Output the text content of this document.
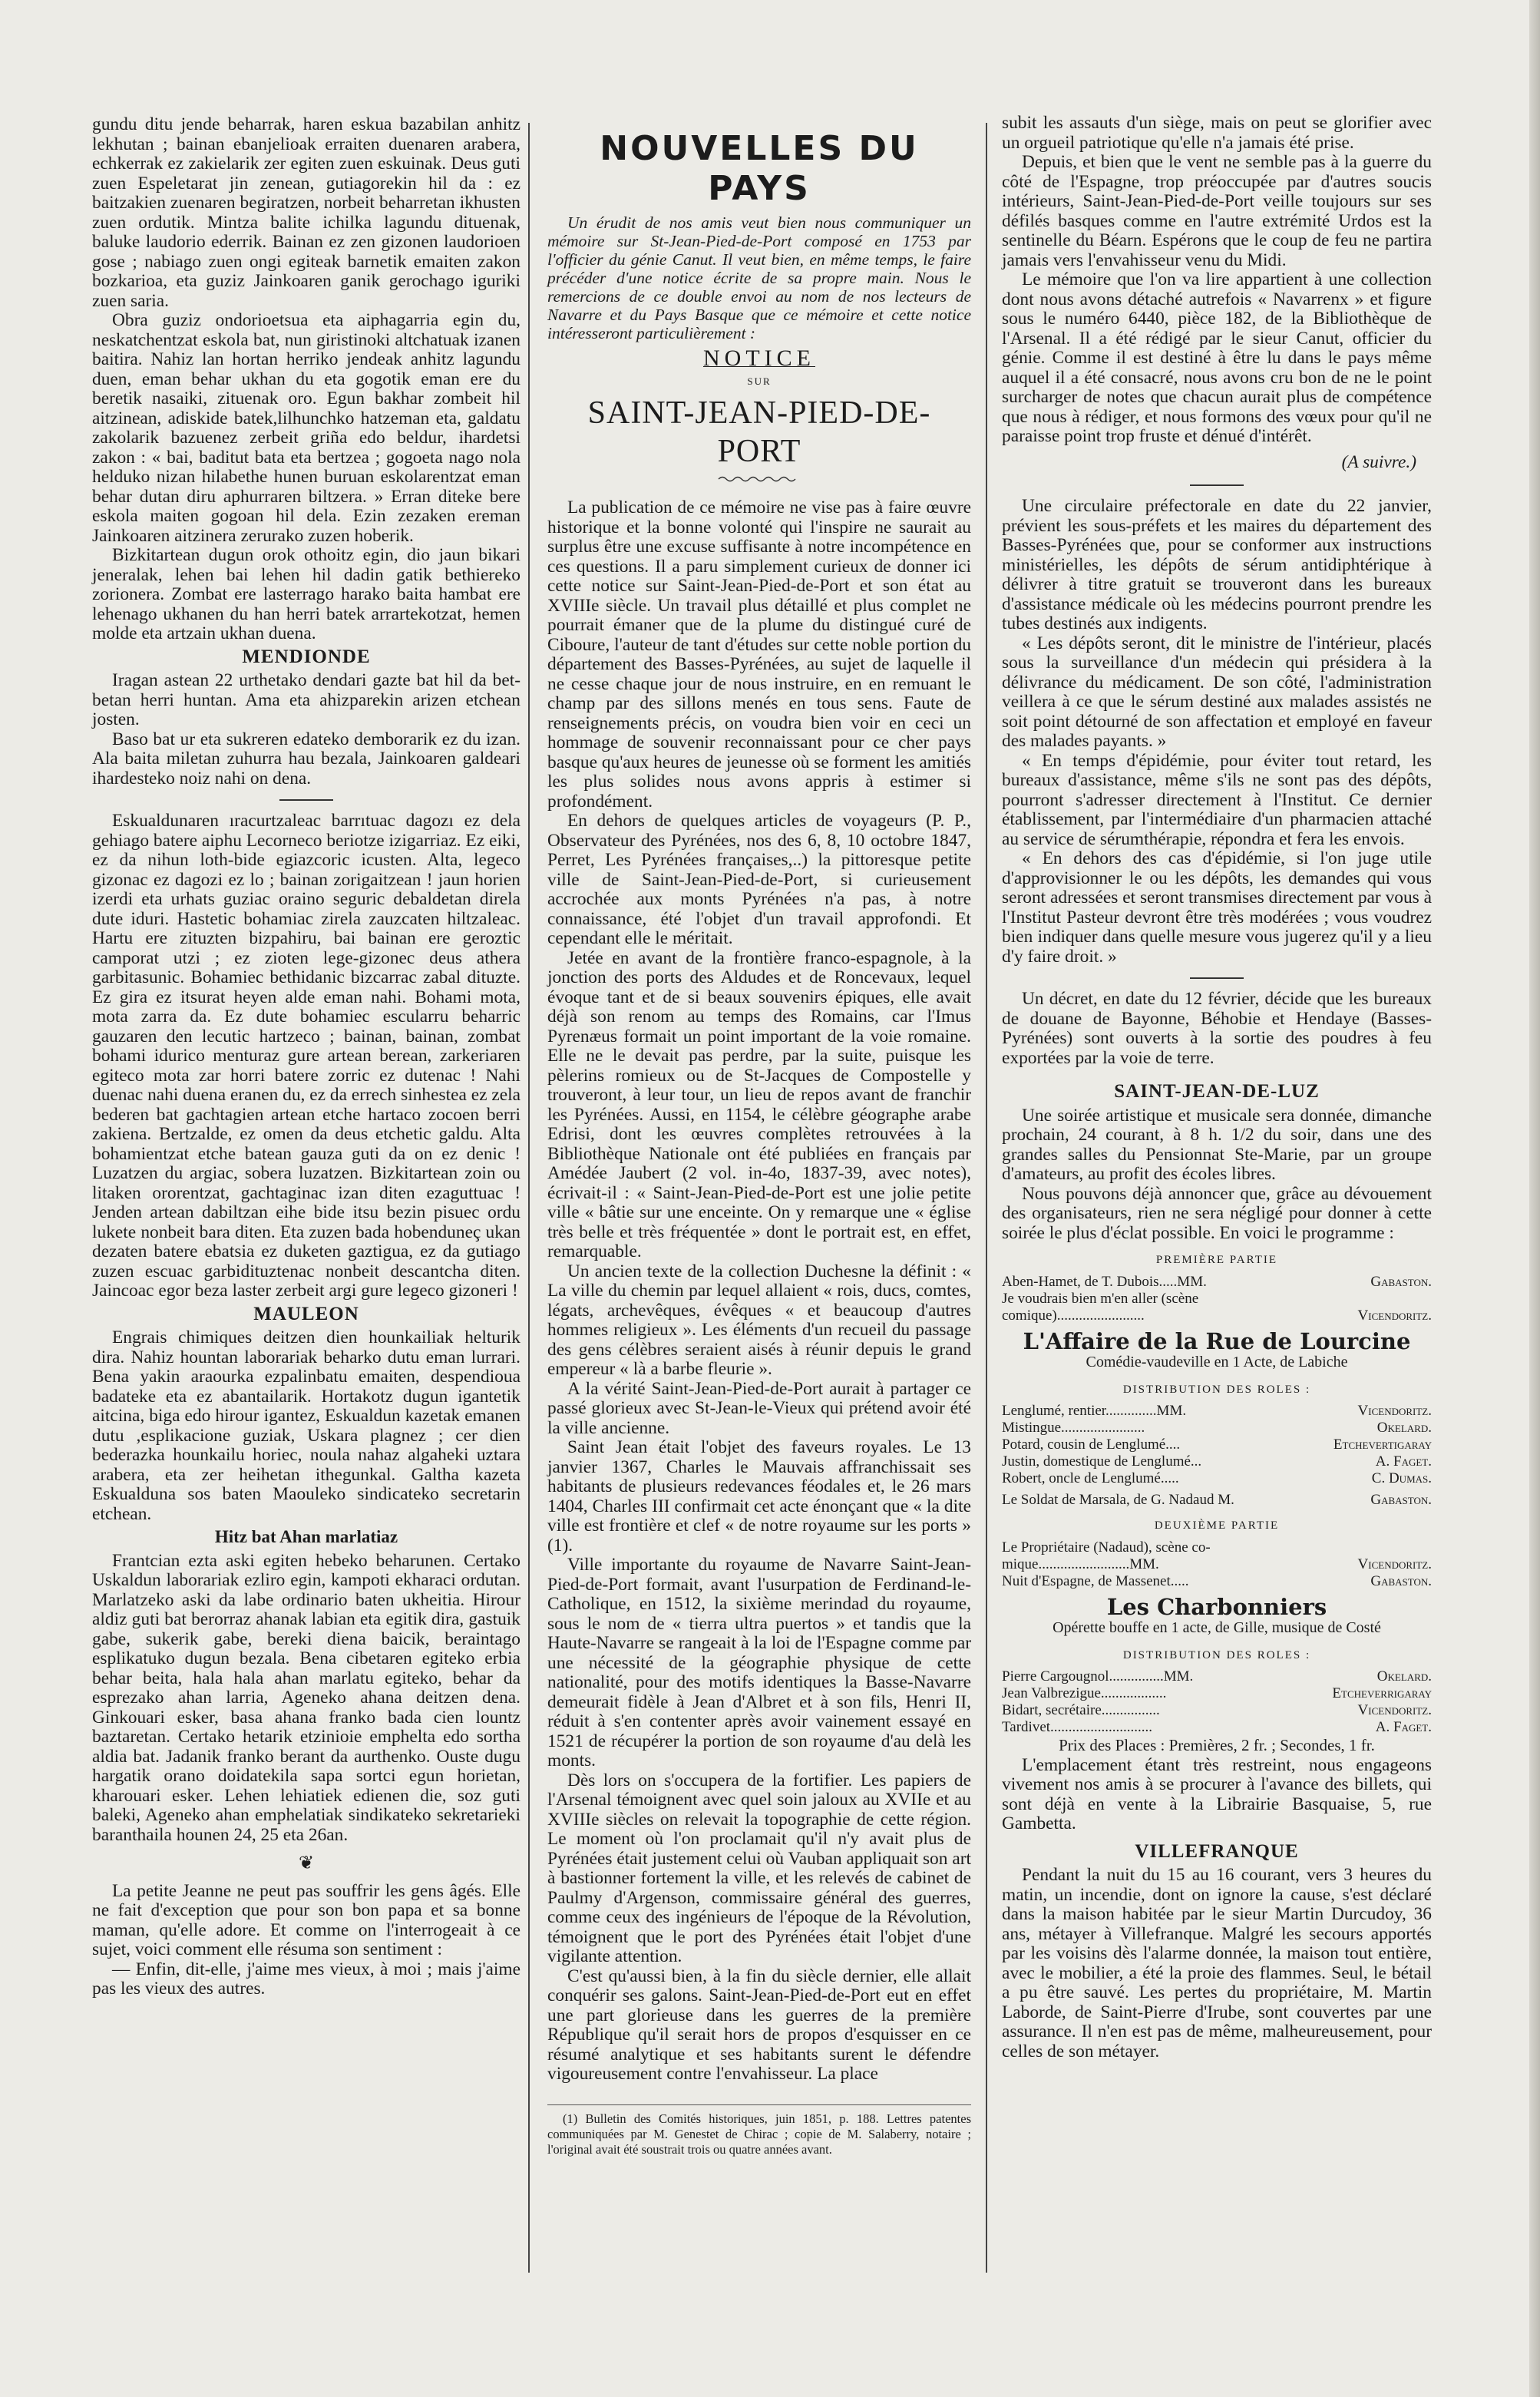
gundu ditu jende beharrak, haren eskua bazabilan anhitz lekhutan ; bainan ebanjelioak erraiten duenaren arabera, echkerrak ez zakielarik zer egiten zuen eskuinak. Deus guti zuen Espeletarat jin zenean, gutiagorekin hil da : ez baitzakien zuenaren begiratzen, norbeit beharretan ikhusten zuen ordutik. Mintza balite ichilka lagundu dituenak, baluke laudorio ederrik. Bainan ez zen gizonen laudorioen gose ; nabiago zuen ongi egiteak barnetik emaiten zakon bozkarioa, eta guziz Jainkoaren ganik gerochago iguriki zuen saria.

Obra guziz ondorioetsua eta aiphagarria egin du, neskatchentzat eskola bat, nun giristinoki altchatuak izanen baitira. Nahiz lan hortan herriko jendeak anhitz lagundu duen, eman behar ukhan du eta gogotik eman ere du beretik nasaiki, zituenak oro. Egun bakhar zombeit hil aitzinean, adiskide batek,lilhunchko hatzeman eta, galdatu zakolarik bazuenez zerbeit griña edo beldur, ihardetsi zakon : « bai, baditut bata eta bertzea ; gogoeta nago nola helduko nizan hilabethe hunen buruan eskolarentzat eman behar dutan diru aphurraren biltzera. » Erran diteke bere eskola maiten gogoan hil dela. Ezin zezaken ereman Jainkoaren aitzinera zerurako zuzen hoberik.

Bizkitartean dugun orok othoitz egin, dio jaun bikari jeneralak, lehen bai lehen hil dadin gatik bethiereko zorionera. Zombat ere lasterrago harako baita hambat ere lehenago ukhanen du han herri batek arrartekotzat, hemen molde eta artzain ukhan duena.

MENDIONDE

Iragan astean 22 urthetako dendari gazte bat hil da bet-betan herri huntan. Ama eta ahizparekin arizen etchean josten.

Baso bat ur eta sukreren edateko demborarik ez du izan. Ala baita miletan zuhurra hau bezala, Jainkoaren galdeari ihardesteko noiz nahi on dena.

Eskualdunaren ıracurtzaleac barrıtuac dagozı ez dela gehiago batere aiphu Lecorneco beriotze izigarriaz. Ez eiki, ez da nihun loth-bide egiazcoric icusten. Alta, legeco gizonac ez dagozi ez lo ; bainan zorigaitzean ! jaun horien izerdi eta urhats guziac oraino seguric debaldetan direla dute iduri. Hastetic bohamiac zirela zauzcaten hiltzaleac. Hartu ere zituzten bizpahiru, bai bainan ere geroztic camporat utzi ; ez zioten lege-gizonec deus athera garbitasunic. Bohamiec bethidanic bizcarrac zabal dituzte. Ez gira ez itsurat heyen alde eman nahi. Bohami mota, mota zarra da. Ez dute bohamiec escularru beharric gauzaren den lecutic hartzeco ; bainan, bainan, zombat bohami idurico menturaz gure artean berean, zarkeriaren egiteco mota zar horri batere zorric ez dutenac ! Nahi duenac nahi duena eranen du, ez da errech sinhestea ez zela bederen bat gachtagien artean etche hartaco zocoen berri zakiena. Bertzalde, ez omen da deus etchetic galdu. Alta bohamientzat etche batean gauza guti da on ez denic ! Luzatzen du argiac, sobera luzatzen. Bizkitartean zoin ou litaken ororentzat, gachtaginac izan diten ezaguttuac ! Jenden artean dabiltzan eihe bide itsu bezin pisuec ordu lukete nonbeit bara diten. Eta zuzen bada hobenduneç ukan dezaten batere ebatsia ez duketen gaztigua, ez da gutiago zuzen escuac garbidituztenac nonbeit descantcha diten. Jaincoac egor beza laster zerbeit argi gure legeco gizoneri !

MAULEON

Engrais chimiques deitzen dien hounkailiak helturik dira. Nahiz hountan laborariak beharko dutu eman lurrari. Bena yakin araourka ezpalinbatu emaiten, despendioua badateke eta ez abantailarik. Hortakotz dugun igantetik aitcina, biga edo hirour igantez, Eskualdun kazetak emanen dutu ,esplikacione guziak, Uskara plagnez ; cer dien bederazka hounkailu horiec, noula nahaz algaheki uztara arabera, eta zer heihetan ithegunkal. Galtha kazeta Eskualduna sos baten Maouleko sindicateko secretarin etchean.

Hitz bat Ahan marlatiaz

Frantcian ezta aski egiten hebeko beharunen. Certako Uskaldun laborariak ezliro egin, kampoti ekharaci ordutan. Marlatzeko aski da labe ordinario baten ukheitia. Hirour aldiz guti bat berorraz ahanak labian eta egitik dira, gastuik gabe, sukerik gabe, bereki diena baicik, beraintago esplikatuko dugun bezala. Bena cibetaren egiteko erbia behar beita, hala hala ahan marlatu egiteko, behar da esprezako ahan larria, Ageneko ahana deitzen dena. Ginkouari esker, basa ahana franko bada cien lountz baztaretan. Certako hetarik etzinioie emphelta edo sortha aldia bat. Jadanik franko berant da aurthenko. Ouste dugu hargatik orano doidatekila sapa sortci egun horietan, kharouari esker. Lehen lehiatiek edienen die, soz guti baleki, Ageneko ahan emphelatiak sindikateko sekretarieki baranthaila hounen 24, 25 eta 26an.

❦

La petite Jeanne ne peut pas souffrir les gens âgés. Elle ne fait d'exception que pour son bon papa et sa bonne maman, qu'elle adore. Et comme on l'interrogeait à ce sujet, voici comment elle résuma son sentiment :

— Enfin, dit-elle, j'aime mes vieux, à moi ; mais j'aime pas les vieux des autres.

NOUVELLES DU PAYS

Un érudit de nos amis veut bien nous communiquer un mémoire sur St-Jean-Pied-de-Port composé en 1753 par l'officier du génie Canut. Il veut bien, en même temps, le faire précéder d'une notice écrite de sa propre main. Nous le remercions de ce double envoi au nom de nos lecteurs de Navarre et du Pays Basque que ce mémoire et cette notice intéresseront particulièrement :

NOTICE
SUR
SAINT-JEAN-PIED-DE-PORT

La publication de ce mémoire ne vise pas à faire œuvre historique et la bonne volonté qui l'inspire ne saurait au surplus être une excuse suffisante à notre incompétence en ces questions. Il a paru simplement curieux de donner ici cette notice sur Saint-Jean-Pied-de-Port et son état au XVIIIe siècle. Un travail plus détaillé et plus complet ne pourrait émaner que de la plume du distingué curé de Ciboure, l'auteur de tant d'études sur cette noble portion du département des Basses-Pyrénées, au sujet de laquelle il ne cesse chaque jour de nous instruire, en en remuant le champ par des sillons menés en tous sens. Faute de renseignements précis, on voudra bien voir en ceci un hommage de souvenir reconnaissant pour ce cher pays basque qu'aux heures de jeunesse où se forment les amitiés les plus solides nous avons appris à estimer si profondément.

En dehors de quelques articles de voyageurs (P. P., Observateur des Pyrénées, nos des 6, 8, 10 octobre 1847, Perret, Les Pyrénées françaises,..) la pittoresque petite ville de Saint-Jean-Pied-de-Port, si curieusement accrochée aux monts Pyrénées n'a pas, à notre connaissance, été l'objet d'un travail approfondi. Et cependant elle le méritait.

Jetée en avant de la frontière franco-espagnole, à la jonction des ports des Aldudes et de Roncevaux, lequel évoque tant et de si beaux souvenirs épiques, elle avait déjà son renom au temps des Romains, car l'Imus Pyrenæus formait un point important de la voie romaine. Elle ne le devait pas perdre, par la suite, puisque les pèlerins romieux ou de St-Jacques de Compostelle y trouveront, à leur tour, un lieu de repos avant de franchir les Pyrénées. Aussi, en 1154, le célèbre géographe arabe Edrisi, dont les œuvres complètes retrouvées à la Bibliothèque Nationale ont été publiées en français par Amédée Jaubert (2 vol. in-4o, 1837-39, avec notes), écrivait-il : « Saint-Jean-Pied-de-Port est une jolie petite ville « bâtie sur une enceinte. On y remarque une « église très belle et très fréquentée » dont le portrait est, en effet, remarquable.

Un ancien texte de la collection Duchesne la définit : « La ville du chemin par lequel allaient « rois, ducs, comtes, légats, archevêques, évêques « et beaucoup d'autres hommes religieux ». Les éléments d'un recueil du passage des gens célèbres seraient aisés à réunir depuis le grand empereur « là a barbe fleurie ».

A la vérité Saint-Jean-Pied-de-Port aurait à partager ce passé glorieux avec St-Jean-le-Vieux qui prétend avoir été la ville ancienne.

Saint Jean était l'objet des faveurs royales. Le 13 janvier 1367, Charles le Mauvais affranchissait ses habitants de plusieurs redevances féodales et, le 26 mars 1404, Charles III confirmait cet acte énonçant que « la dite ville est frontière et clef « de notre royaume sur les ports » (1).

Ville importante du royaume de Navarre Saint-Jean-Pied-de-Port formait, avant l'usurpation de Ferdinand-le-Catholique, en 1512, la sixième merindad du royaume, sous le nom de « tierra ultra puertos » et tandis que la Haute-Navarre se rangeait à la loi de l'Espagne comme par une nécessité de la géographie physique de cette nationalité, pour des motifs identiques la Basse-Navarre demeurait fidèle à Jean d'Albret et à son fils, Henri II, réduit à s'en contenter après avoir vainement essayé en 1521 de récupérer la portion de son royaume d'au delà les monts.

Dès lors on s'occupera de la fortifier. Les papiers de l'Arsenal témoignent avec quel soin jaloux au XVIIe et au XVIIIe siècles on relevait la topographie de cette région. Le moment où l'on proclamait qu'il n'y avait plus de Pyrénées était justement celui où Vauban appliquait son art à bastionner fortement la ville, et les relevés de cabinet de Paulmy d'Argenson, commissaire général des guerres, comme ceux des ingénieurs de l'époque de la Révolution, témoignent que le port des Pyrénées était l'objet d'une vigilante attention.

C'est qu'aussi bien, à la fin du siècle dernier, elle allait conquérir ses galons. Saint-Jean-Pied-de-Port eut en effet une part glorieuse dans les guerres de la première République qu'il serait hors de propos d'esquisser en ce résumé analytique et ses habitants surent le défendre vigoureusement contre l'envahisseur. La place

(1) Bulletin des Comités historiques, juin 1851, p. 188. Lettres patentes communiquées par M. Genestet de Chirac ; copie de M. Salaberry, notaire ; l'original avait été soustrait trois ou quatre années avant.

subit les assauts d'un siège, mais on peut se glorifier avec un orgueil patriotique qu'elle n'a jamais été prise.

Depuis, et bien que le vent ne semble pas à la guerre du côté de l'Espagne, trop préoccupée par d'autres soucis intérieurs, Saint-Jean-Pied-de-Port veille toujours sur ses défilés basques comme en l'autre extrémité Urdos est la sentinelle du Béarn. Espérons que le coup de feu ne partira jamais vers l'envahisseur venu du Midi.

Le mémoire que l'on va lire appartient à une collection dont nous avons détaché autrefois « Navarrenx » et figure sous le numéro 6440, pièce 182, de la Bibliothèque de l'Arsenal. Il a été rédigé par le sieur Canut, officier du génie. Comme il est destiné à être lu dans le pays même auquel il a été consacré, nous avons cru bon de ne le point surcharger de notes que chacun aurait plus de compétence que nous à rédiger, et nous formons des vœux pour qu'il ne paraisse point trop fruste et dénué d'intérêt.

(A suivre.)

Une circulaire préfectorale en date du 22 janvier, prévient les sous-préfets et les maires du département des Basses-Pyrénées que, pour se conformer aux instructions ministérielles, les dépôts de sérum antidiphtérique à délivrer à titre gratuit se trouveront dans les bureaux d'assistance médicale où les médecins pourront prendre les tubes destinés aux indigents.

« Les dépôts seront, dit le ministre de l'intérieur, placés sous la surveillance d'un médecin qui présidera à la délivrance du médicament. De son côté, l'administration veillera à ce que le sérum destiné aux malades assistés ne soit point détourné de son affectation et employé en faveur des malades payants. »

« En temps d'épidémie, pour éviter tout retard, les bureaux d'assistance, même s'ils ne sont pas des dépôts, pourront s'adresser directement à l'Institut. Ce dernier établissement, par l'intermédiaire d'un pharmacien attaché au service de sérumthérapie, répondra et fera les envois.

« En dehors des cas d'épidémie, si l'on juge utile d'approvisionner le ou les dépôts, les demandes qui vous seront adressées et seront transmises directement par vous à l'Institut Pasteur devront être très modérées ; vous voudrez bien indiquer dans quelle mesure vous jugerez qu'il y a lieu d'y faire droit. »

Un décret, en date du 12 février, décide que les bureaux de douane de Bayonne, Béhobie et Hendaye (Basses-Pyrénées) sont ouverts à la sortie des poudres à feu exportées par la voie de terre.

SAINT-JEAN-DE-LUZ

Une soirée artistique et musicale sera donnée, dimanche prochain, 24 courant, à 8 h. 1/2 du soir, dans une des grandes salles du Pensionnat Ste-Marie, par un groupe d'amateurs, au profit des écoles libres.

Nous pouvons déjà annoncer que, grâce au dévouement des organisateurs, rien ne sera négligé pour donner à cette soirée le plus d'éclat possible. En voici le programme :

PREMIÈRE PARTIE
Aben-Hamet, de T. Dubois.....MM.	Gabaston.
Je voudrais bien m'en aller (scène
comique)........................	Vicendoritz.
L'Affaire de la Rue de Lourcine
Comédie-vaudeville en 1 Acte, de Labiche
DISTRIBUTION DES ROLES :
Lenglumé, rentier..............MM.	Vicendoritz.
Mistingue.......................	Okelard.
Potard, cousin de Lenglumé....	Etchevertigaray
Justin, domestique de Lenglumé...	A. Faget.
Robert, oncle de Lenglumé.....	C. Dumas.
Le Soldat de Marsala, de G. Nadaud M.	Gabaston.
DEUXIÈME PARTIE
Le Propriétaire (Nadaud), scène co-
mique.........................MM.	Vicendoritz.
Nuit d'Espagne, de Massenet.....	Gabaston.
Les Charbonniers
Opérette bouffe en 1 acte, de Gille, musique de Costé
DISTRIBUTION DES ROLES :
Pierre Cargougnol...............MM.	Okelard.
Jean Valbrezigue..................	Etcheverrigaray
Bidart, secrétaire................	Vicendoritz.
Tardivet............................	A. Faget.

Prix des Places : Premières, 2 fr. ; Secondes, 1 fr.

L'emplacement étant très restreint, nous engageons vivement nos amis à se procurer à l'avance des billets, qui sont déjà en vente à la Librairie Basquaise, 5, rue Gambetta.

VILLEFRANQUE

Pendant la nuit du 15 au 16 courant, vers 3 heures du matin, un incendie, dont on ignore la cause, s'est déclaré dans la maison habitée par le sieur Martin Durcudoy, 36 ans, métayer à Villefranque. Malgré les secours apportés par les voisins dès l'alarme donnée, la maison tout entière, avec le mobilier, a été la proie des flammes. Seul, le bétail a pu être sauvé. Les pertes du propriétaire, M. Martin Laborde, de Saint-Pierre d'Irube, sont couvertes par une assurance. Il n'en est pas de même, malheureusement, pour celles de son métayer.
